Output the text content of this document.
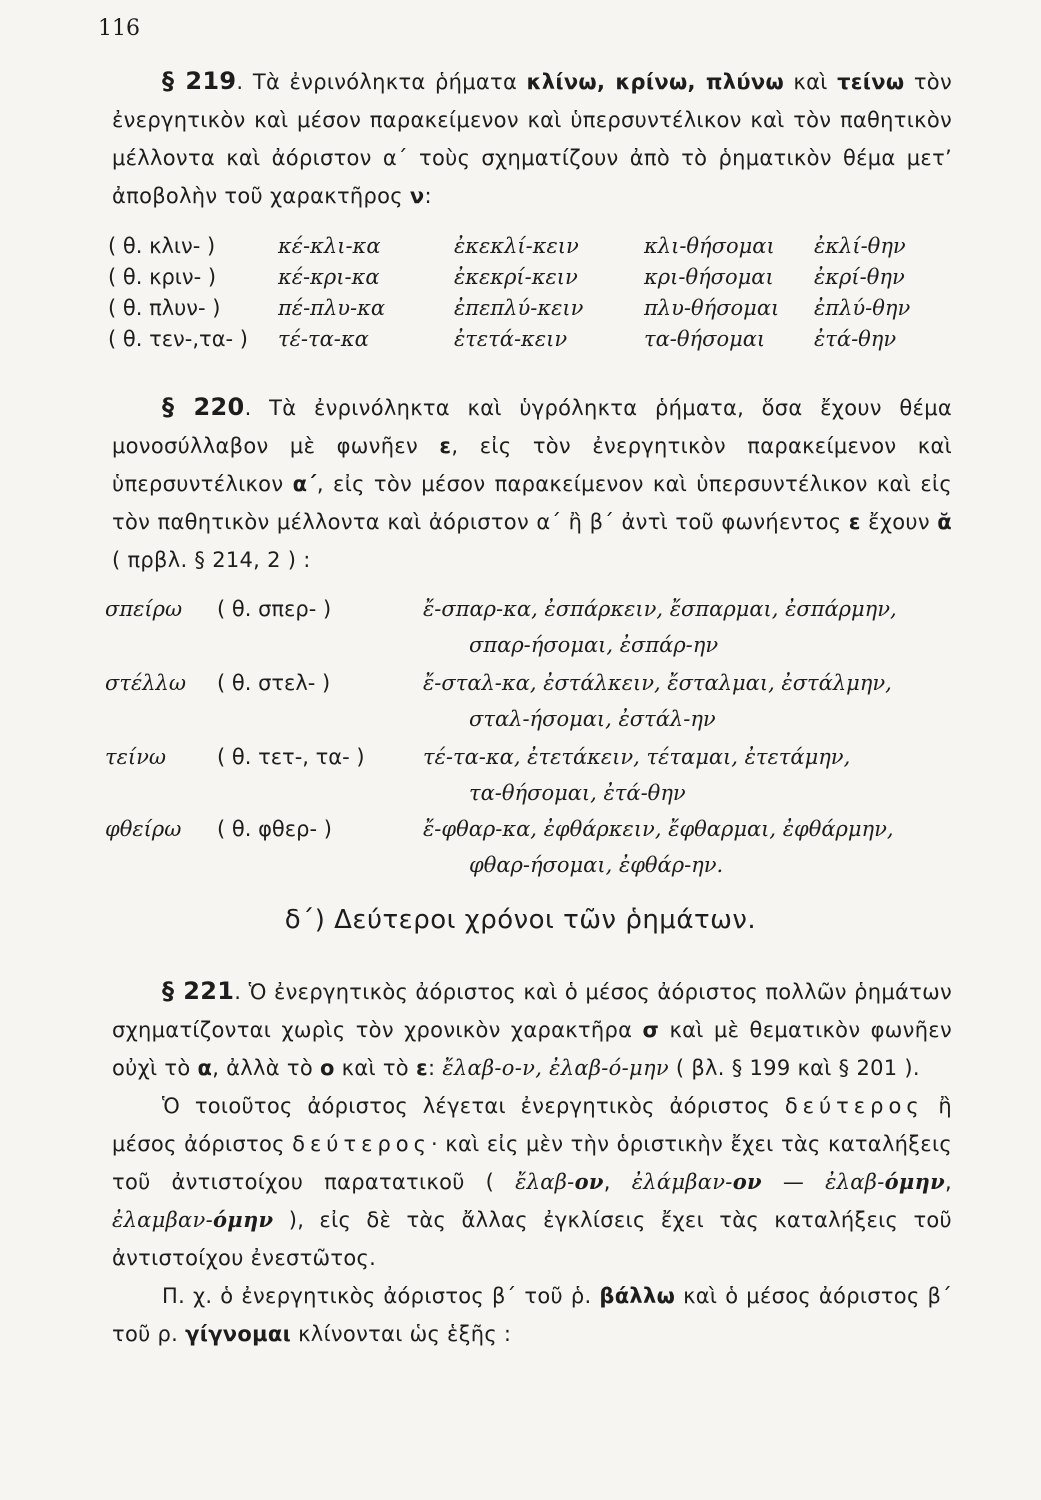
116

§ 219. Τὰ ἐνρινόληκτα ῥήματα κλίνω, κρίνω, πλύνω καὶ τείνω τὸν ἐνεργητικὸν καὶ μέσον παρακείμενον καὶ ὑπερσυντέλικον καὶ τὸν παθητικὸν μέλλοντα καὶ ἀόριστον α΄ τοὺς σχηματίζουν ἀπὸ τὸ ῥηματικὸν θέμα μετ’ ἀποβολὴν τοῦ χαρακτῆρος ν:

( θ. κλιν- )	κέ-κλι-κα	ἐκεκλί-κειν	κλι-θήσομαι	ἐκλί-θην
( θ. κριν- )	κέ-κρι-κα	ἐκεκρί-κειν	κρι-θήσομαι	ἐκρί-θην
( θ. πλυν- )	πέ-πλυ-κα	ἐπεπλύ-κειν	πλυ-θήσομαι	ἐπλύ-θην
( θ. τεν-,τα- )	τέ-τα-κα	ἐτετά-κειν	τα-θήσομαι	ἐτά-θην

§ 220. Τὰ ἐνρινόληκτα καὶ ὑγρόληκτα ῥήματα, ὅσα ἔχουν θέμα μονοσύλλαβον μὲ φωνῆεν ε, εἰς τὸν ἐνεργητικὸν παρακείμενον καὶ ὑπερσυντέλικον α΄, εἰς τὸν μέσον παρακείμενον καὶ ὑπερσυντέλικον καὶ εἰς τὸν παθητικὸν μέλλοντα καὶ ἀόριστον α΄ ἢ β΄ ἀντὶ τοῦ φωνήεντος ε ἔχουν ᾰ ( πρβλ. § 214, 2 ) :

σπείρω ( θ. σπερ- )	ἔ-σπαρ-κα, ἐσπάρκειν, ἔσπαρμαι, ἐσπάρμην,
σπαρ-ήσομαι, ἐσπάρ-ην
στέλλω ( θ. στελ- )	ἔ-σταλ-κα, ἐστάλκειν, ἔσταλμαι, ἐστάλμην,
σταλ-ήσομαι, ἐστάλ-ην
τείνω ( θ. τετ-, τα- )	τέ-τα-κα, ἐτετάκειν, τέταμαι, ἐτετάμην,
τα-θήσομαι, ἐτά-θην
φθείρω ( θ. φθερ- )	ἔ-φθαρ-κα, ἐφθάρκειν, ἔφθαρμαι, ἐφθάρμην,
φθαρ-ήσομαι, ἐφθάρ-ην.
δ΄) Δεύτεροι χρόνοι τῶν ῥημάτων.

§ 221. Ὁ ἐνεργητικὸς ἀόριστος καὶ ὁ μέσος ἀόριστος πολλῶν ῥημάτων σχηματίζονται χωρὶς τὸν χρονικὸν χαρακτῆρα σ καὶ μὲ θεματικὸν φωνῆεν οὐχὶ τὸ α, ἀλλὰ τὸ ο καὶ τὸ ε: ἔλαβ-ο-ν, ἐλαβ-ό-μην ( βλ. § 199 καὶ § 201 ).

Ὁ τοιοῦτος ἀόριστος λέγεται ἐνεργητικὸς ἀόριστος δεύτερος ἢ μέσος ἀόριστος δεύτερος· καὶ εἰς μὲν τὴν ὁριστικὴν ἔχει τὰς καταλήξεις τοῦ ἀντιστοίχου παρατατικοῦ ( ἔλαβ-ον, ἐλάμβαν-ον — ἐλαβ-όμην, ἐλαμβαν-όμην ), εἰς δὲ τὰς ἄλλας ἐγκλίσεις ἔχει τὰς καταλήξεις τοῦ ἀντιστοίχου ἐνεστῶτος.

Π. χ. ὁ ἐνεργητικὸς ἀόριστος β΄ τοῦ ῥ. βάλλω καὶ ὁ μέσος ἀόριστος β΄ τοῦ ρ. γίγνομαι κλίνονται ὡς ἑξῆς :
